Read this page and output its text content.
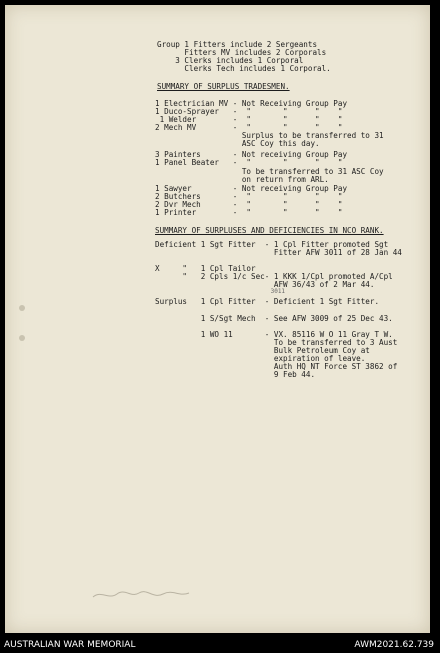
Group 1 Fitters include 2 Sergeants
Fitters MV includes 2 Corporals
3 Clerks includes 1 Corporal
Clerks Tech includes 1 Corporal.
SUMMARY OF SURPLUS TRADESMEN.
1 Electrician MV - Not Receiving Group Pay
1 Duco-Sprayer   -  "       "      "    "
1 Welder        -  "       "      "    "
2 Mech MV        -  "       "      "    "
Surplus to be transferred to 31
ASC Coy this day.
3 Painters       - Not receiving Group Pay
1 Panel Beater   -  "       "      "    "
To be transferred to 31 ASC Coy
on return from ARL.
1 Sawyer         - Not receiving Group Pay
2 Butchers       -  "       "      "    "
2 Dvr Mech       -  "       "      "    "
1 Printer        -  "       "      "    "
SUMMARY OF SURPLUSES AND DEFICIENCIES IN NCO RANK.
Deficient 1 Sgt Fitter  - 1 Cpl Fitter promoted Sgt
Fitter AFW 3011 of 28 Jan 44
X     "   1 Cpl Tailor
"   2 Cpls 1/c Sec- 1 KKK 1/Cpl promoted A/Cpl
AFW 36/43 of 2 Mar 44.
3011
Surplus   1 Cpl Fitter  - Deficient 1 Sgt Fitter.
1 S/Sgt Mech  - See AFW 3009 of 25 Dec 43.
1 WO 11       - VX. 85116 W O 11 Gray T W.
To be transferred to 3 Aust
Bulk Petroleum Coy at
expiration of leave.
Auth HQ NT Force ST 3862 of
9 Feb 44.
AUSTRALIAN WAR MEMORIAL	AWM2021.62.739
